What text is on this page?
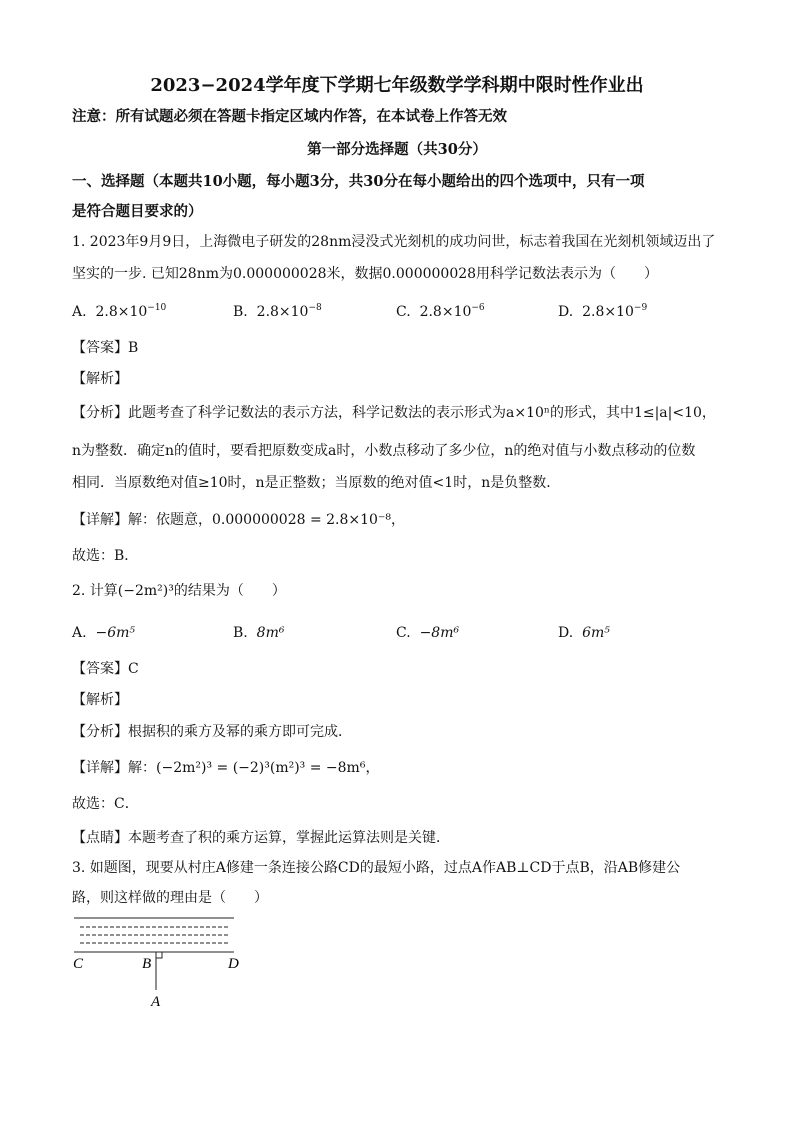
2023−2024学年度下学期七年级数学学科期中限时性作业出
注意：所有试题必须在答题卡指定区域内作答，在本试卷上作答无效
第一部分选择题（共30分）
一、选择题（本题共10小题，每小题3分，共30分在每小题给出的四个选项中，只有一项
是符合题目要求的）
1. 2023年9月9日，上海微电子研发的28nm浸没式光刻机的成功问世，标志着我国在光刻机领域迈出了
坚实的一步. 已知28nm为0.000000028米，数据0.000000028用科学记数法表示为（　　）
A. $2.8\times 10^{-10}$	B. $2.8\times 10^{-8}$	C. $2.8\times 10^{-6}$	D. $2.8\times 10^{-9}$
【答案】B
【解析】
【分析】此题考查了科学记数法的表示方法，科学记数法的表示形式为a×10ⁿ的形式，其中1≤|a|<10，
n为整数．确定n的值时，要看把原数变成a时，小数点移动了多少位，n的绝对值与小数点移动的位数
相同．当原数绝对值≥10时，n是正整数；当原数的绝对值<1时，n是负整数．
【详解】解：依题意，0.000000028 = 2.8×10⁻⁸，
故选：B．
2. 计算(−2m²)³的结果为（　　）
A. −6m⁵	B. 8m⁶	C. −8m⁶	D. 6m⁵
【答案】C
【解析】
【分析】根据积的乘方及幂的乘方即可完成．
【详解】解：(−2m²)³ = (−2)³(m²)³ = −8m⁶，
故选：C．
【点睛】本题考查了积的乘方运算，掌握此运算法则是关键．
3. 如题图，现要从村庄A修建一条连接公路CD的最短小路，过点A作AB⊥CD于点B，沿AB修建公
路，则这样做的理由是（　　）
C	B	D
A
